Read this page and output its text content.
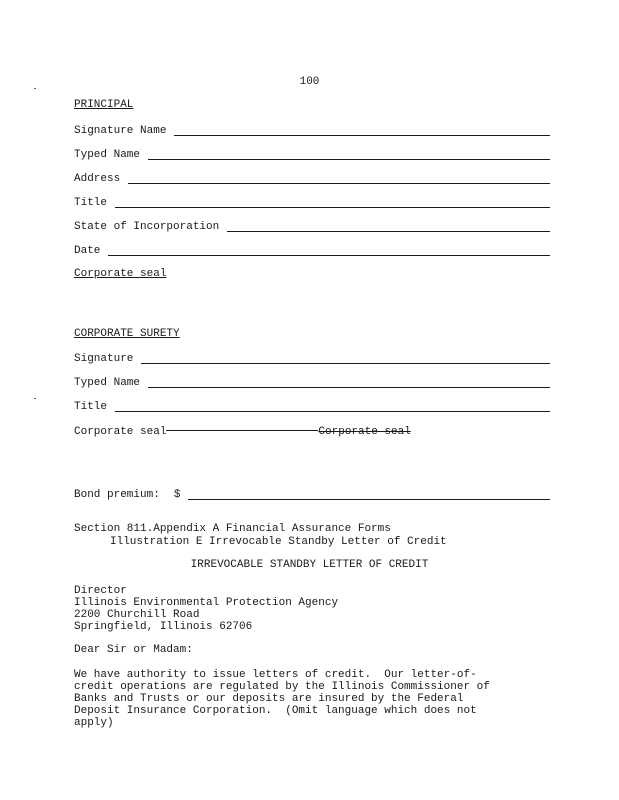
100
PRINCIPAL
Signature Name
Typed Name
Address
Title
State of Incorporation
Date
Corporate seal
CORPORATE SURETY
Signature
Typed Name
Title
Corporate seal	Corporate seal
Bond premium: $
Section 811.Appendix A Financial Assurance Forms
Illustration E Irrevocable Standby Letter of Credit
IRREVOCABLE STANDBY LETTER OF CREDIT
Director
Illinois Environmental Protection Agency
2200 Churchill Road
Springfield, Illinois 62706
Dear Sir or Madam:
We have authority to issue letters of credit.  Our letter-of-
credit operations are regulated by the Illinois Commissioner of
Banks and Trusts or our deposits are insured by the Federal
Deposit Insurance Corporation.  (Omit language which does not
apply)
